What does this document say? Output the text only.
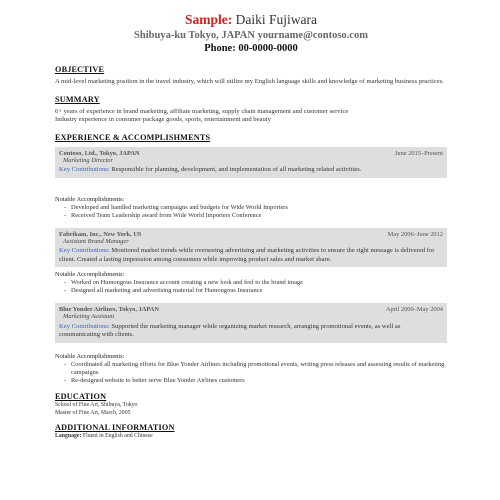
Sample: Daiki Fujiwara
Shibuya-ku Tokyo, JAPAN yourname@contoso.com
Phone: 00-0000-0000
OBJECTIVE
A mid-level marketing position in the travel industry, which will utilize my English language skills and knowledge of marketing business practices.
SUMMARY
6+ years of experience in brand marketing, affiliate marketing, supply chain management and customer service
Industry experience in consumer package goods, sports, entertainment and beauty
EXPERIENCE & ACCOMPLISHMENTS
Contoso, Ltd., Tokyo, JAPAN	June 2015–Present
Marketing Director
Key Contributions: Responsible for planning, development, and implementation of all marketing related activities.
Notable Accomplishments:
- Developed and handled marketing campaigns and budgets for Wide World Importers
- Received Team Leadership award from Wide World Importers Conference
Fabrikam, Inc., New York, US	May 2006–June 2012
Assistant Brand Manager
Key Contributions: Monitored market trends while overseeing advertising and marketing activities to ensure the right message is delivered for client. Created a lasting impression among consumers while improving product sales and market share.
Notable Accomplishments:
- Worked on Humongous Insurance account creating a new look and feel to the brand image
- Designed all marketing and advertising material for Humongous Insurance
Blue Yonder Airlines, Tokyo, JAPAN	April 2000–May 2004
Marketing Assistant
Key Contributions: Supported the marketing manager while organizing market research, arranging promotional events, as well as communicating with clients.
Notable Accomplishments:
- Coordinated all marketing efforts for Blue Yonder Airlines including promotional events, writing press releases and assessing results of marketing campaigns
- Re-designed website to better serve Blue Yonder Airlines customers
EDUCATION
School of Fine Art, Shibuya, Tokyo
Master of Fine Art, March, 2005
ADDITIONAL INFORMATION
Language: Fluent in English and Chinese
